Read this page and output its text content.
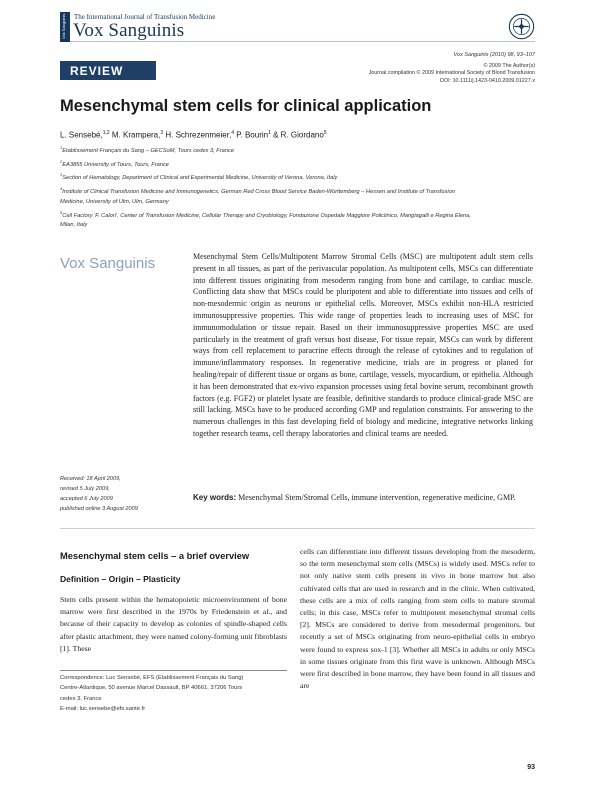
Vox Sanguinis The International Journal of Transfusion Medicine
Vox Sanguinis
Vox Sanguinis (2010) 98, 93–107
© 2009 The Author(s)
Journal compilation © 2009 International Society of Blood Transfusion
DOI: 10.1111/j.1423-0410.2009.01227.x
REVIEW
Mesenchymal stem cells for clinical application
L. Sensebé,$^{1,2}$ M. Krampera,$^3$ H. Schrezenmeier,$^4$ P. Bourin$^1$ & R. Giordano$^5$

$^1$Etablissement Français du Sang – GECSoM, Tours cedex 3, France

$^2$EA3855 University of Tours, Tours, France

$^3$Section of Hematology, Department of Clinical and Experimental Medicine, University of Verona, Verona, Italy

$^4$Institute of Clinical Transfusion Medicine and Immunogenetics, German Red Cross Blood Service Baden-Württemberg – Hessen and Institute of Transfusion Medicine, University of Ulm, Ulm, Germany

$^5$Cell Factory 'F. Calori', Center of Transfusion Medicine, Cellular Therapy and Cryobiology, Fondazione Ospedale Maggiore Policlinico, Mangiagalli e Regina Elena, Milan, Italy

Vox Sanguinis	Mesenchymal Stem Cells/Multipotent Marrow Stromal Cells (MSC) are multipotent adult stem cells present in all tissues, as part of the perivascular population. As multipotent cells, MSCs can differentiate into different tissues originating from mesoderm ranging from bone and cartilage, to cardiac muscle. Conflicting data show that MSCs could be pluripotent and able to differentiate into tissues and cells of non-mesodermic origin as neurons or epithelial cells. Moreover, MSCs exhibit non-HLA restricted immunosuppressive properties. This wide range of properties leads to increasing uses of MSC for immunomodulation or tissue repair. Based on their immunosuppressive properties MSC are used particularly in the treatment of graft versus host disease, For tissue repair, MSCs can work by different ways from cell replacement to paracrine effects through the release of cytokines and to regulation of immune/inflammatory responses. In regenerative medicine, trials are in progress or planed for healing/repair of different tissue or organs as bone, cartilage, vessels, myocardium, or epithelia. Although it has been demonstrated that ex-vivo expansion processes using fetal bovine serum, recombinant growth factors (e.g. FGF2) or platelet lysate are feasible, definitive standards to produce clinical-grade MSC are still lacking. MSCs have to be produced according GMP and regulation constraints. For answering to the numerous challenges in this fast developing field of biology and medicine, integrative networks linking together research teams, cell therapy laboratories and clinical teams are needed.
Key words: Mesenchymal Stem/Stromal Cells, immune intervention, regenerative medicine, GMP.
Received: 18 April 2009,
revised 5 July 2009,
accepted 6 July 2009
published online 3 August 2009
Mesenchymal stem cells – a brief overview
Definition – Origin – Plasticity
Stem cells present within the hematopoietic microenvironment of bone marrow were first described in the 1970s by Friedenstein et al., and because of their capacity to develop as colonies of spindle-shaped cells after plastic attachment, they were named colony-forming unit fibroblasts [1]. These
cells can differentiate into different tissues developing from the mesoderm, so the term mesenchymal stem cells (MSCs) is widely used. MSCs refer to not only native stem cells present in vivo in bone marrow but also cultivated cells that are used in research and in the clinic. When cultivated, these cells are a mix of cells ranging from stem cells to mature stromal cells; in this case, MSCs refer to multipotent mesenchymal stromal cells [2]. MSCs are considered to derive from mesodermal progenitors, but recently a set of MSCs originating from neuro-epithelial cells in embryo were found to express sox-1 [3]. Whether all MSCs in adults or only MSCs in some tissues originate from this first wave is unknown. Although MSCs were first described in bone marrow, they have been found in all tissues and are
Correspondence: Luc Sensebé, EFS (Etablissement Français du Sang)
Centre-Atlantique, 50 avenue Marcel Dassault, BP 40661, 37206 Tours
cedex 3, France
E-mail: luc.sensebe@efs.sante.fr
93
